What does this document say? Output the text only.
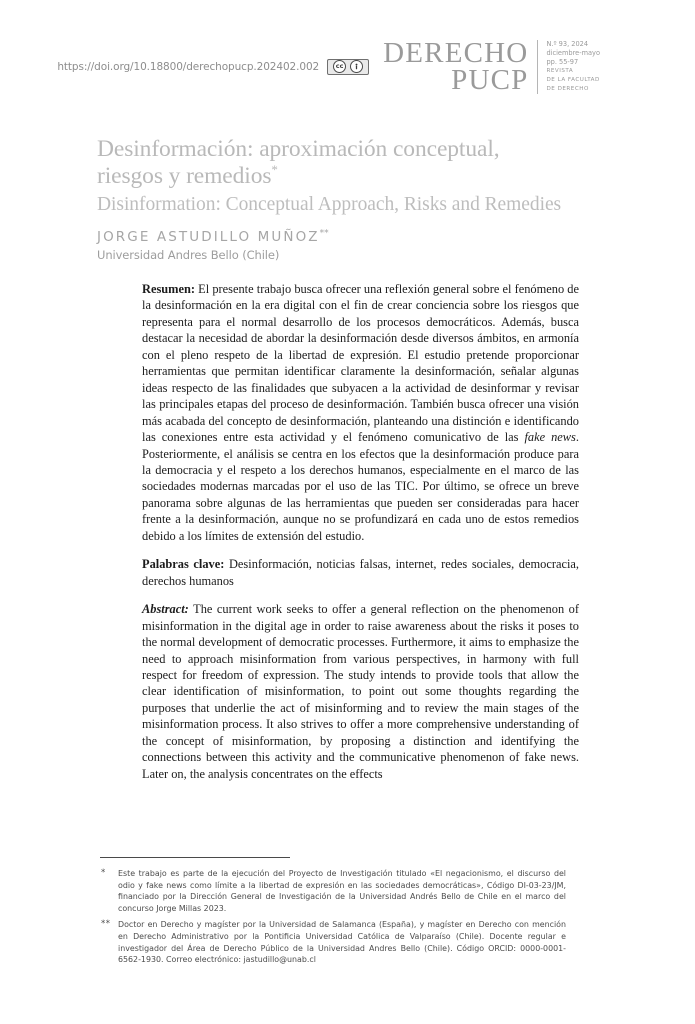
https://doi.org/10.18800/derechopucp.202402.002	cc DERECHO
PUCP
N.º 93, 2024
diciembre-mayo
pp. 55-97
REVISTA
DE LA FACULTAD
DE DERECHO
Desinformación: aproximación conceptual,
riesgos y remedios*
Disinformation: Conceptual Approach, Risks and Remedies
JORGE ASTUDILLO MUÑOZ**
Universidad Andres Bello (Chile)

Resumen: El presente trabajo busca ofrecer una reflexión general sobre el fenómeno de la desinformación en la era digital con el fin de crear conciencia sobre los riesgos que representa para el normal desarrollo de los procesos democráticos. Además, busca destacar la necesidad de abordar la desinformación desde diversos ámbitos, en armonía con el pleno respeto de la libertad de expresión. El estudio pretende proporcionar herramientas que permitan identificar claramente la desinformación, señalar algunas ideas respecto de las finalidades que subyacen a la actividad de desinformar y revisar las principales etapas del proceso de desinformación. También busca ofrecer una visión más acabada del concepto de desinformación, planteando una distinción e identificando las conexiones entre esta actividad y el fenómeno comunicativo de las fake news. Posteriormente, el análisis se centra en los efectos que la desinformación produce para la democracia y el respeto a los derechos humanos, especialmente en el marco de las sociedades modernas marcadas por el uso de las TIC. Por último, se ofrece un breve panorama sobre algunas de las herramientas que pueden ser consideradas para hacer frente a la desinformación, aunque no se profundizará en cada uno de estos remedios debido a los límites de extensión del estudio.

Palabras clave: Desinformación, noticias falsas, internet, redes sociales, democracia, derechos humanos

Abstract: The current work seeks to offer a general reflection on the phenomenon of misinformation in the digital age in order to raise awareness about the risks it poses to the normal development of democratic processes. Furthermore, it aims to emphasize the need to approach misinformation from various perspectives, in harmony with full respect for freedom of expression. The study intends to provide tools that allow the clear identification of misinformation, to point out some thoughts regarding the purposes that underlie the act of misinforming and to review the main stages of the misinformation process. It also strives to offer a more comprehensive understanding of the concept of misinformation, by proposing a distinction and identifying the connections between this activity and the communicative phenomenon of fake news. Later on, the analysis concentrates on the effects

* Este trabajo es parte de la ejecución del Proyecto de Investigación titulado «El negacionismo, el discurso del odio y fake news como límite a la libertad de expresión en las sociedades democráticas», Código DI-03-23/JM, financiado por la Dirección General de Investigación de la Universidad Andrés Bello de Chile en el marco del concurso Jorge Millas 2023.
** Doctor en Derecho y magíster por la Universidad de Salamanca (España), y magíster en Derecho con mención en Derecho Administrativo por la Pontificia Universidad Católica de Valparaíso (Chile). Docente regular e investigador del Área de Derecho Público de la Universidad Andres Bello (Chile). Código ORCID: 0000-0001-6562-1930. Correo electrónico: jastudillo@unab.cl
